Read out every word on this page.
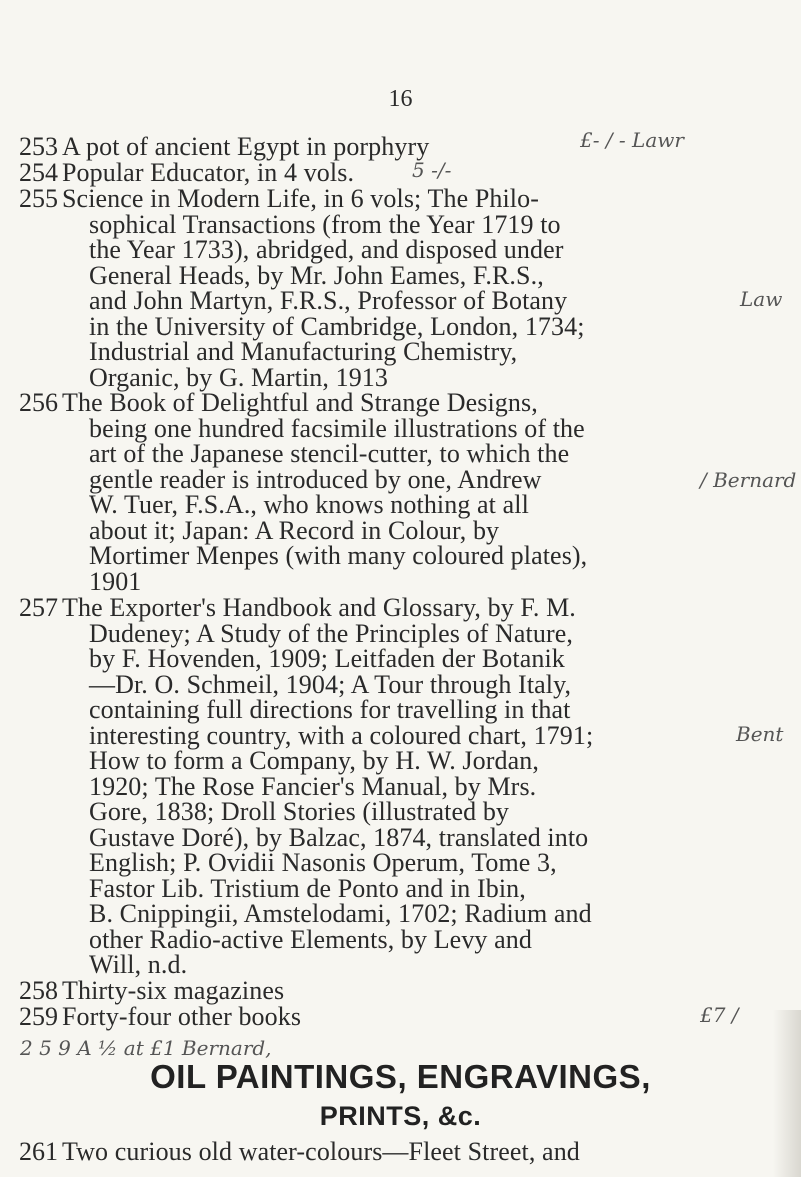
16
253 A pot of ancient Egypt in porphyry
254 Popular Educator, in 4 vols.
255 Science in Modern Life, in 6 vols; The Philo-
sophical Transactions (from the Year 1719 to
the Year 1733), abridged, and disposed under
General Heads, by Mr. John Eames, F.R.S.,
and John Martyn, F.R.S., Professor of Botany
in the University of Cambridge, London, 1734;
Industrial and Manufacturing Chemistry,
Organic, by G. Martin, 1913
256 The Book of Delightful and Strange Designs,
being one hundred facsimile illustrations of the
art of the Japanese stencil-cutter, to which the
gentle reader is introduced by one, Andrew
W. Tuer, F.S.A., who knows nothing at all
about it; Japan: A Record in Colour, by
Mortimer Menpes (with many coloured plates),
1901
257 The Exporter's Handbook and Glossary, by F. M.
Dudeney; A Study of the Principles of Nature,
by F. Hovenden, 1909; Leitfaden der Botanik
—Dr. O. Schmeil, 1904; A Tour through Italy,
containing full directions for travelling in that
interesting country, with a coloured chart, 1791;
How to form a Company, by H. W. Jordan,
1920; The Rose Fancier's Manual, by Mrs.
Gore, 1838; Droll Stories (illustrated by
Gustave Doré), by Balzac, 1874, translated into
English; P. Ovidii Nasonis Operum, Tome 3,
Fastor Lib. Tristium de Ponto and in Ibin,
B. Cnippingii, Amstelodami, 1702; Radium and
other Radio-active Elements, by Levy and
Will, n.d.
258 Thirty-six magazines
259 Forty-four other books
£- / - Lawr
5 -/-
Law
/ Bernard
Bent
£7 /
2 5 9 A ½ at £1 Bernard,
OIL PAINTINGS, ENGRAVINGS,
PRINTS, &c.
261 Two curious old water-colours—Fleet Street, and
